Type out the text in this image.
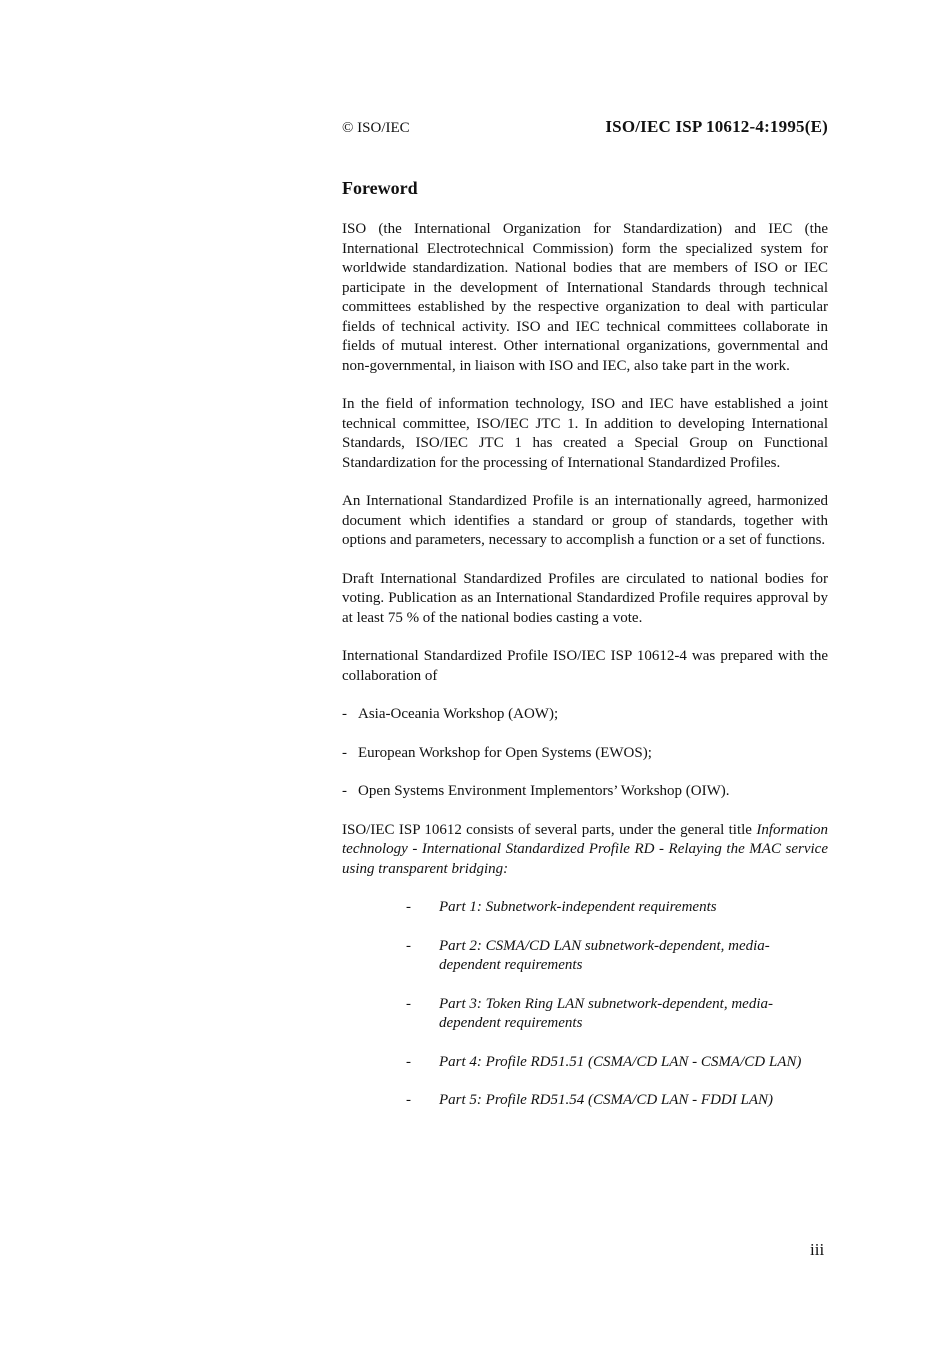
© ISO/IEC	ISO/IEC ISP 10612-4:1995(E)
Foreword

ISO (the International Organization for Standardization) and IEC (the International Electrotechnical Commission) form the specialized system for worldwide standardization. National bodies that are members of ISO or IEC participate in the development of International Standards through technical committees established by the respective organization to deal with particular fields of technical activity. ISO and IEC technical committees collaborate in fields of mutual interest. Other international organizations, governmental and non-governmental, in liaison with ISO and IEC, also take part in the work.

In the field of information technology, ISO and IEC have established a joint technical committee, ISO/IEC JTC 1. In addition to developing International Standards, ISO/IEC JTC 1 has created a Special Group on Functional Standardization for the processing of International Standardized Profiles.

An International Standardized Profile is an internationally agreed, harmonized document which identifies a standard or group of standards, together with options and parameters, necessary to accomplish a function or a set of functions.

Draft International Standardized Profiles are circulated to national bodies for voting. Publication as an International Standardized Profile requires approval by at least 75 % of the national bodies casting a vote.

International Standardized Profile ISO/IEC ISP 10612-4 was prepared with the collaboration of

- Asia-Oceania Workshop (AOW);
- European Workshop for Open Systems (EWOS);
- Open Systems Environment Implementors’ Workshop (OIW).

ISO/IEC ISP 10612 consists of several parts, under the general title Information technology - International Standardized Profile RD - Relaying the MAC service using transparent bridging:

- Part 1: Subnetwork-independent requirements
- Part 2: CSMA/CD LAN subnetwork-dependent, media-dependent requirements
- Part 3: Token Ring LAN subnetwork-dependent, media-dependent requirements
- Part 4: Profile RD51.51 (CSMA/CD LAN - CSMA/CD LAN)
- Part 5: Profile RD51.54 (CSMA/CD LAN - FDDI LAN)
iii
